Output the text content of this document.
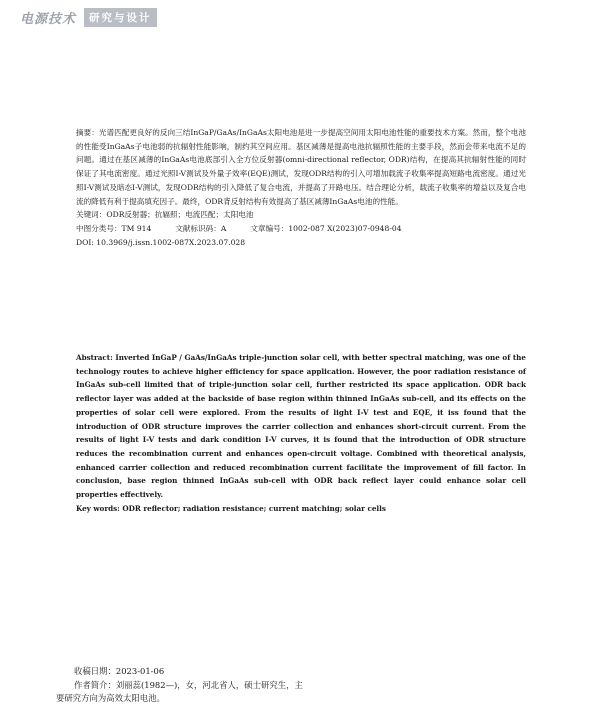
电源技术	研究与设计

摘要：光谱匹配更良好的反向三结InGaP/GaAs/InGaAs太阳电池是进一步提高空间用太阳电池性能的重要技术方案。然而，整个电池的性能受InGaAs子电池弱的抗辐射性能影响，制约其空间应用。基区减薄是提高电池抗辐照性能的主要手段，然而会带来电流不足的问题。通过在基区减薄的InGaAs电池底部引入全方位反射器(omni-directional reflector, ODR)结构，在提高其抗辐射性能的同时保证了其电流密度。通过光照I-V测试及外量子效率(EQE)测试，发现ODR结构的引入可增加载流子收集率提高短路电流密度。通过光照I-V测试及暗态I-V测试，发现ODR结构的引入降低了复合电流，并提高了开路电压。结合理论分析，载流子收集率的增益以及复合电流的降低有利于提高填充因子。最终，ODR背反射结构有效提高了基区减薄InGaAs电池的性能。

关键词：ODR反射器；抗辐照；电流匹配；太阳电池

中图分类号：TM 914	文献标识码：A	文章编号：1002-087 X(2023)07-0948-04

DOI: 10.3969/j.issn.1002-087X.2023.07.028

Abstract: Inverted InGaP / GaAs/InGaAs triple-junction solar cell, with better spectral matching, was one of the technology routes to achieve higher efficiency for space application. However, the poor radiation resistance of InGaAs sub-cell limited that of triple-junction solar cell, further restricted its space application. ODR back reflector layer was added at the backside of base region within thinned InGaAs sub-cell, and its effects on the properties of solar cell were explored. From the results of light I-V test and EQE, it iss found that the introduction of ODR structure improves the carrier collection and enhances short-circuit current. From the results of light I-V tests and dark condition I-V curves, it is found that the introduction of ODR structure reduces the recombination current and enhances open-circuit voltage. Combined with theoretical analysis, enhanced carrier collection and reduced recombination current facilitate the improvement of fill factor. In conclusion, base region thinned InGaAs sub-cell with ODR back reflect layer could enhance solar cell properties effectively.

Key words: ODR reflector; radiation resistance; current matching; solar cells

收稿日期：2023-01-06

作者简介：刘丽蕊(1982—)，女，河北省人，硕士研究生，主

要研究方向为高效太阳电池。
